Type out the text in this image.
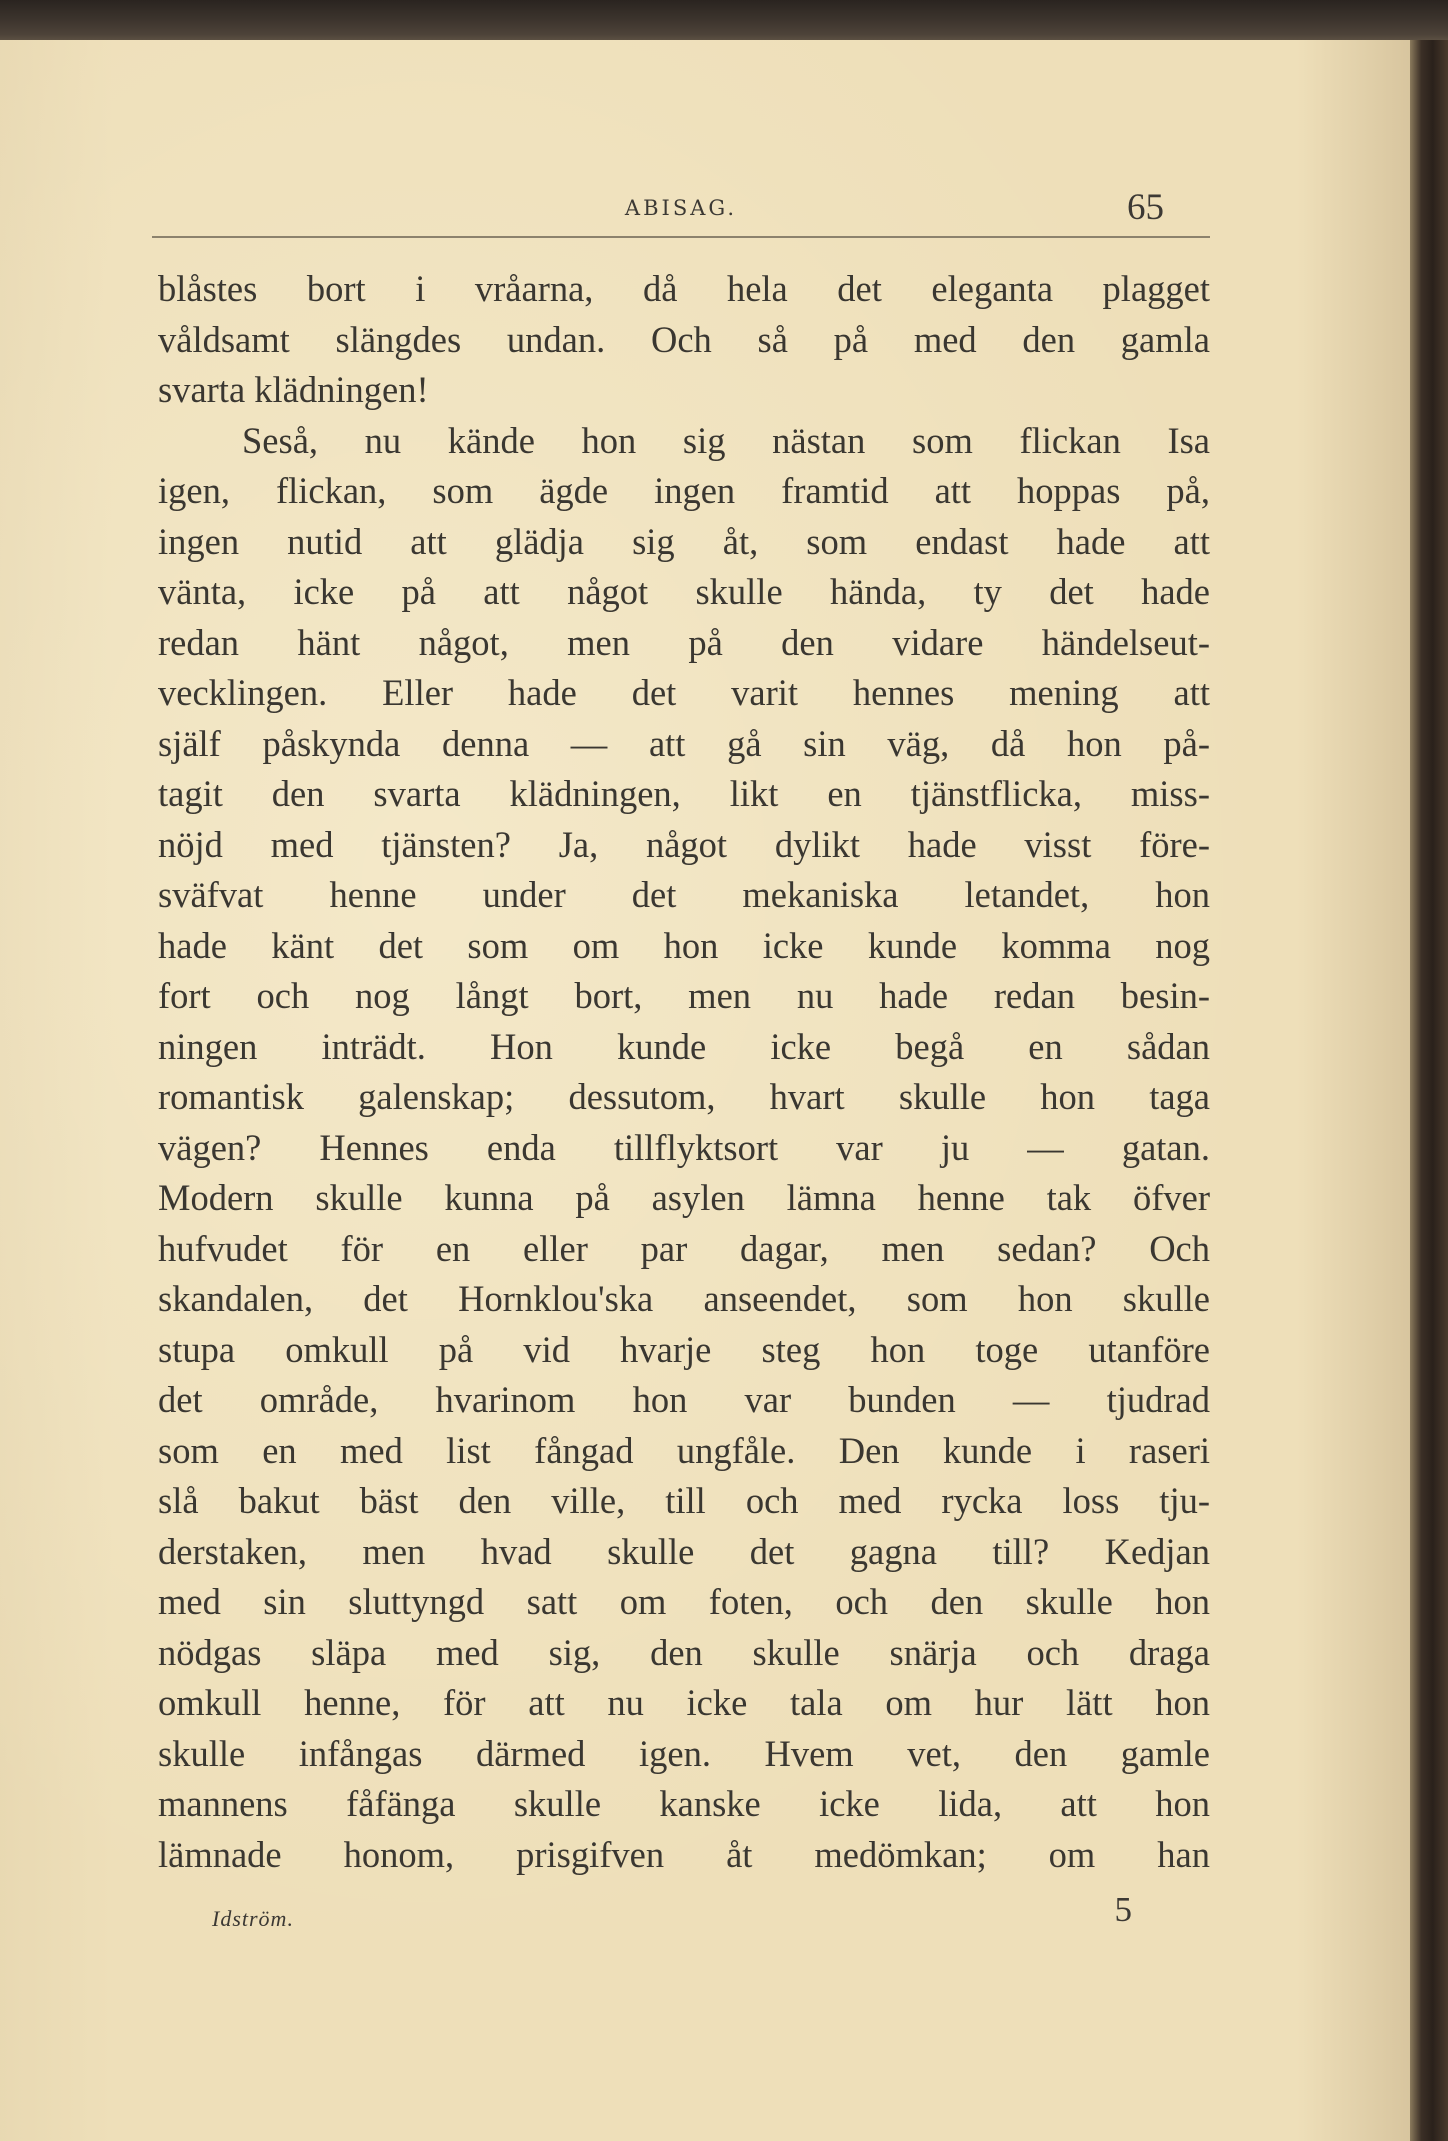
ABISAG.	65
blåstes bort i vråarna, då hela det eleganta plagget
våldsamt slängdes undan. Och så på med den gamla
svarta klädningen!
Seså, nu kände hon sig nästan som flickan Isa
igen, flickan, som ägde ingen framtid att hoppas på,
ingen nutid att glädja sig åt, som endast hade att
vänta, icke på att något skulle hända, ty det hade
redan hänt något, men på den vidare händelseut-
vecklingen. Eller hade det varit hennes mening att
själf påskynda denna — att gå sin väg, då hon på-
tagit den svarta klädningen, likt en tjänstflicka, miss-
nöjd med tjänsten? Ja, något dylikt hade visst före-
sväfvat henne under det mekaniska letandet, hon
hade känt det som om hon icke kunde komma nog
fort och nog långt bort, men nu hade redan besin-
ningen inträdt. Hon kunde icke begå en sådan
romantisk galenskap; dessutom, hvart skulle hon taga
vägen? Hennes enda tillflyktsort var ju — gatan.
Modern skulle kunna på asylen lämna henne tak öfver
hufvudet för en eller par dagar, men sedan? Och
skandalen, det Hornklou'ska anseendet, som hon skulle
stupa omkull på vid hvarje steg hon toge utanföre
det område, hvarinom hon var bunden — tjudrad
som en med list fångad ungfåle. Den kunde i raseri
slå bakut bäst den ville, till och med rycka loss tju-
derstaken, men hvad skulle det gagna till? Kedjan
med sin sluttyngd satt om foten, och den skulle hon
nödgas släpa med sig, den skulle snärja och draga
omkull henne, för att nu icke tala om hur lätt hon
skulle infångas därmed igen. Hvem vet, den gamle
mannens fåfänga skulle kanske icke lida, att hon
lämnade honom, prisgifven åt medömkan; om han
Idström.	5
